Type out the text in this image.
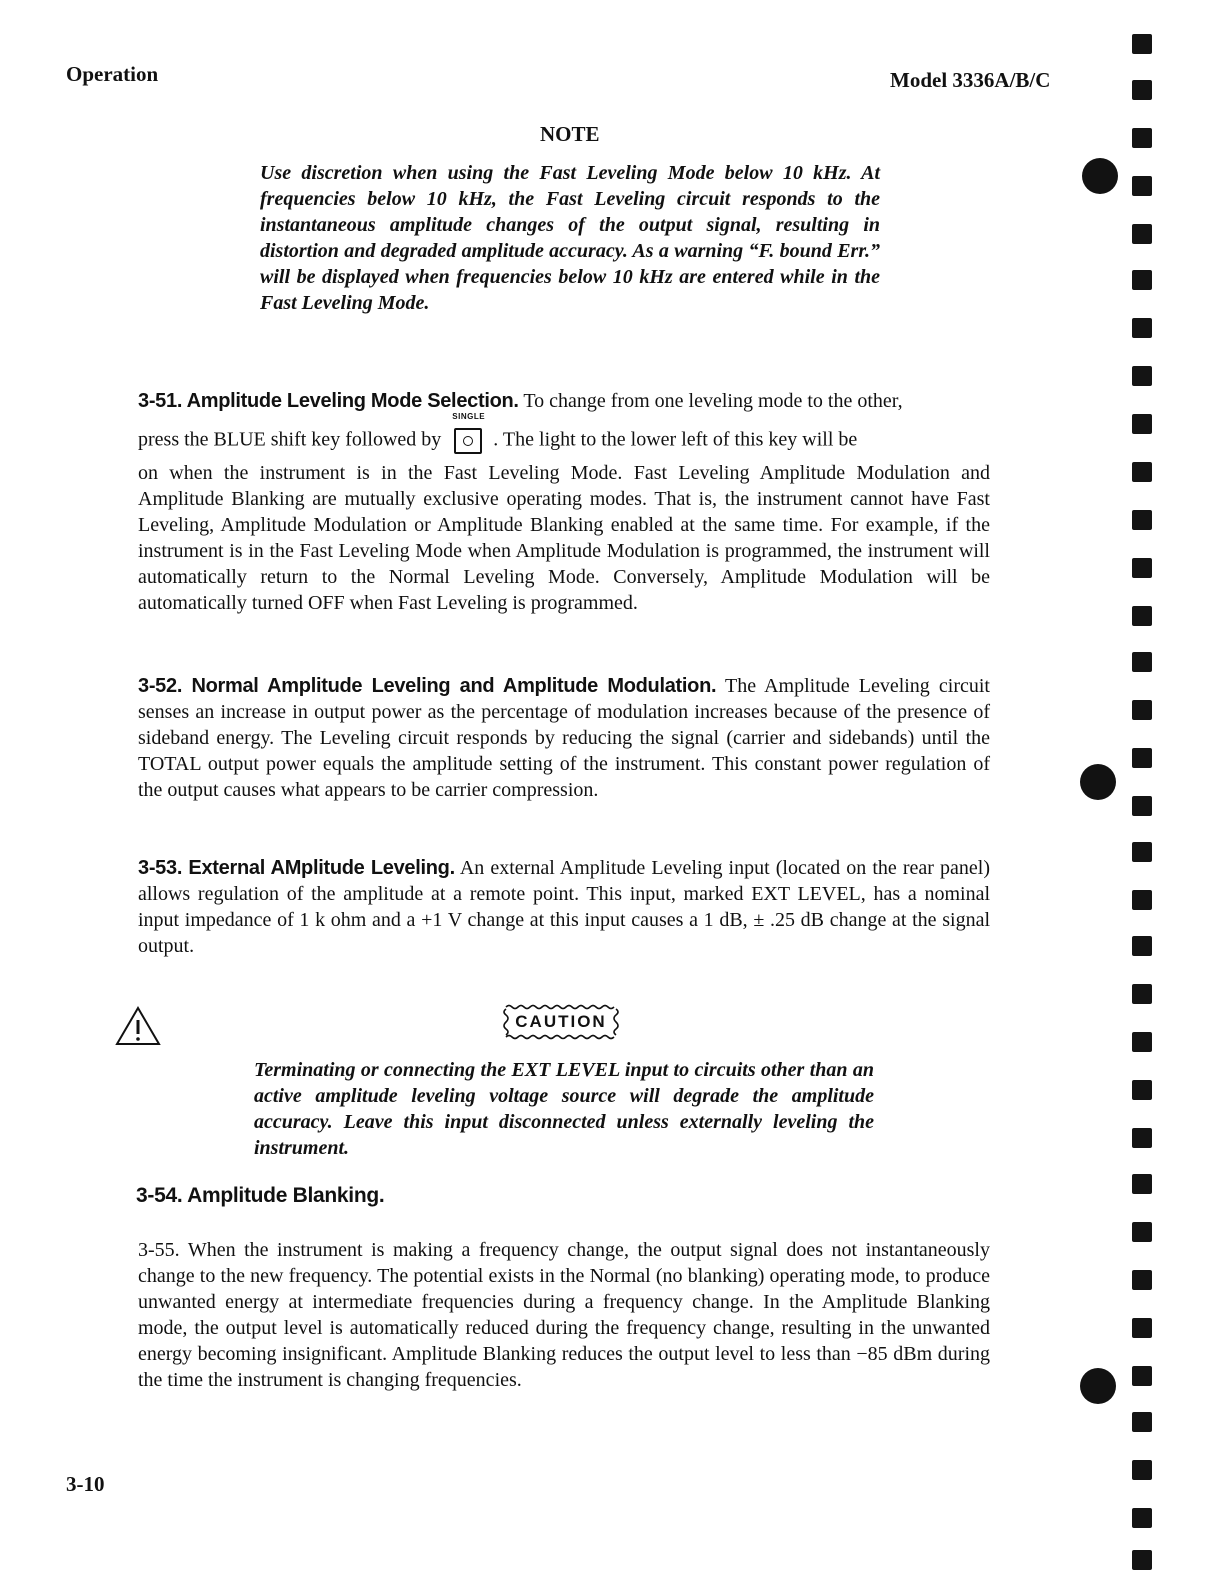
Operation	Model 3336A/B/C
NOTE
Use discretion when using the Fast Leveling Mode below 10 kHz. At frequencies below 10 kHz, the Fast Leveling circuit responds to the instantaneous amplitude changes of the output signal, resulting in distortion and degraded amplitude accuracy. As a warning “F. bound Err.” will be displayed when frequencies below 10 kHz are entered while in the Fast Leveling Mode.
3-51. Amplitude Leveling Mode Selection. To change from one leveling mode to the other,
press the BLUE shift key followed by
SINGLE
. The light to the lower left of this key will be
on when the instrument is in the Fast Leveling Mode. Fast Leveling Amplitude Modulation and Amplitude Blanking are mutually exclusive operating modes. That is, the instrument cannot have Fast Leveling, Amplitude Modulation or Amplitude Blanking enabled at the same time. For example, if the instrument is in the Fast Leveling Mode when Amplitude Modulation is programmed, the instrument will automatically return to the Normal Leveling Mode. Conversely, Amplitude Modulation will be automatically turned OFF when Fast Leveling is programmed.
3-52. Normal Amplitude Leveling and Amplitude Modulation. The Amplitude Leveling circuit senses an increase in output power as the percentage of modulation increases because of the presence of sideband energy. The Leveling circuit responds by reducing the signal (carrier and sidebands) until the TOTAL output power equals the amplitude setting of the instrument. This constant power regulation of the output causes what appears to be carrier compression.
3-53. External AMplitude Leveling. An external Amplitude Leveling input (located on the rear panel) allows regulation of the amplitude at a remote point. This input, marked EXT LEVEL, has a nominal input impedance of 1 k ohm and a +1 V change at this input causes a 1 dB, ± .25 dB change at the signal output.
CAUTION
Terminating or connecting the EXT LEVEL input to circuits other than an active amplitude leveling voltage source will degrade the amplitude accuracy. Leave this input disconnected unless externally leveling the instrument.
3-54. Amplitude Blanking.
3-55. When the instrument is making a frequency change, the output signal does not instantaneously change to the new frequency. The potential exists in the Normal (no blanking) operating mode, to produce unwanted energy at intermediate frequencies during a frequency change. In the Amplitude Blanking mode, the output level is automatically reduced during the frequency change, resulting in the unwanted energy becoming insignificant. Amplitude Blanking reduces the output level to less than −85 dBm during the time the instrument is changing frequencies.
3-10
